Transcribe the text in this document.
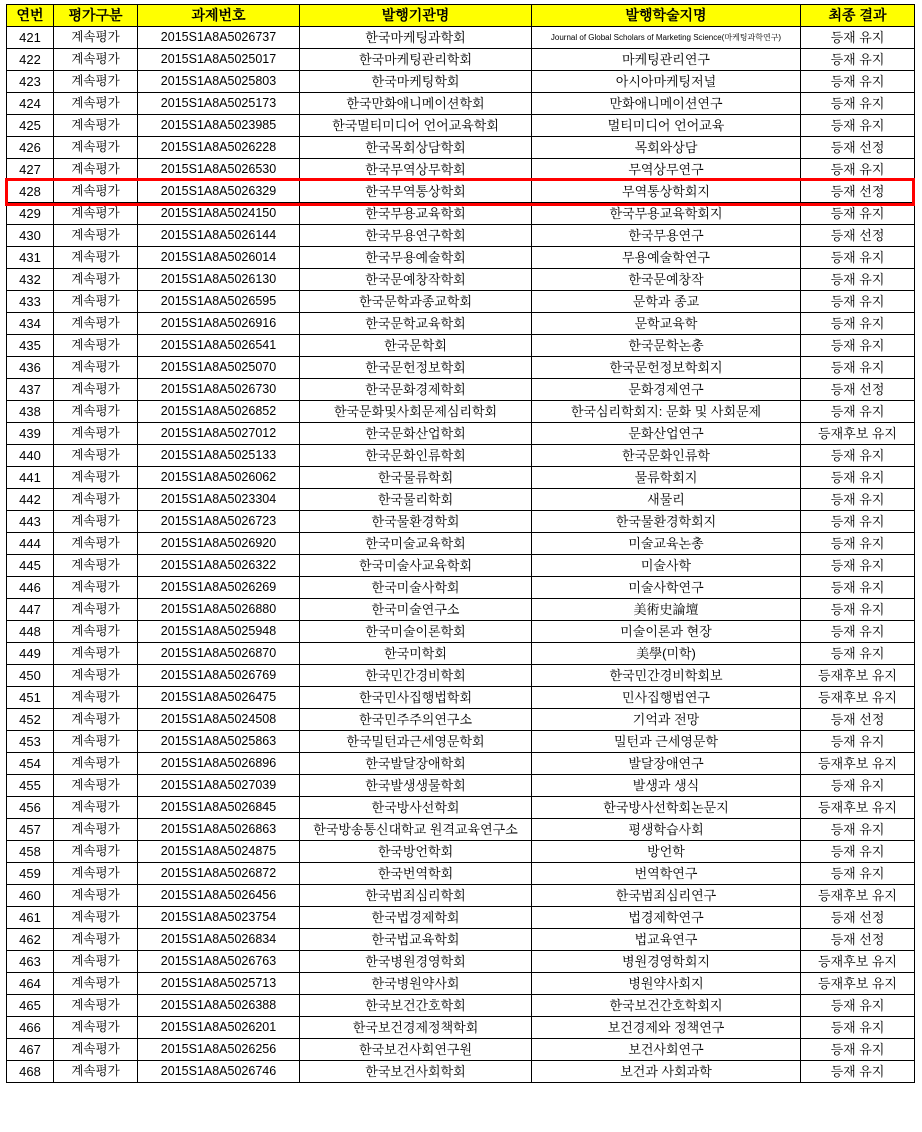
연번	평가구분	과제번호	발행기관명	발행학술지명	최종 결과
421	계속평가	2015S1A8A5026737	한국마케팅과학회	Journal of Global Scholars of Marketing Science(마케팅과학연구)	등재 유지
422	계속평가	2015S1A8A5025017	한국마케팅관리학회	마케팅관리연구	등재 유지
423	계속평가	2015S1A8A5025803	한국마케팅학회	아시아마케팅저널	등재 유지
424	계속평가	2015S1A8A5025173	한국만화애니메이션학회	만화애니메이션연구	등재 유지
425	계속평가	2015S1A8A5023985	한국멀티미디어 언어교육학회	멀티미디어 언어교육	등재 유지
426	계속평가	2015S1A8A5026228	한국목회상담학회	목회와상담	등재 선정
427	계속평가	2015S1A8A5026530	한국무역상무학회	무역상무연구	등재 유지
428	계속평가	2015S1A8A5026329	한국무역통상학회	무역통상학회지	등재 선정
429	계속평가	2015S1A8A5024150	한국무용교육학회	한국무용교육학회지	등재 유지
430	계속평가	2015S1A8A5026144	한국무용연구학회	한국무용연구	등재 선정
431	계속평가	2015S1A8A5026014	한국무용예술학회	무용예술학연구	등재 유지
432	계속평가	2015S1A8A5026130	한국문예창작학회	한국문예창작	등재 유지
433	계속평가	2015S1A8A5026595	한국문학과종교학회	문학과 종교	등재 유지
434	계속평가	2015S1A8A5026916	한국문학교육학회	문학교육학	등재 유지
435	계속평가	2015S1A8A5026541	한국문학회	한국문학논총	등재 유지
436	계속평가	2015S1A8A5025070	한국문헌정보학회	한국문헌정보학회지	등재 유지
437	계속평가	2015S1A8A5026730	한국문화경제학회	문화경제연구	등재 선정
438	계속평가	2015S1A8A5026852	한국문화및사회문제심리학회	한국심리학회지: 문화 및 사회문제	등재 유지
439	계속평가	2015S1A8A5027012	한국문화산업학회	문화산업연구	등재후보 유지
440	계속평가	2015S1A8A5025133	한국문화인류학회	한국문화인류학	등재 유지
441	계속평가	2015S1A8A5026062	한국물류학회	물류학회지	등재 유지
442	계속평가	2015S1A8A5023304	한국물리학회	새물리	등재 유지
443	계속평가	2015S1A8A5026723	한국물환경학회	한국물환경학회지	등재 유지
444	계속평가	2015S1A8A5026920	한국미술교육학회	미술교육논총	등재 유지
445	계속평가	2015S1A8A5026322	한국미술사교육학회	미술사학	등재 유지
446	계속평가	2015S1A8A5026269	한국미술사학회	미술사학연구	등재 유지
447	계속평가	2015S1A8A5026880	한국미술연구소	美術史論壇	등재 유지
448	계속평가	2015S1A8A5025948	한국미술이론학회	미술이론과 현장	등재 유지
449	계속평가	2015S1A8A5026870	한국미학회	美學(미학)	등재 유지
450	계속평가	2015S1A8A5026769	한국민간경비학회	한국민간경비학회보	등재후보 유지
451	계속평가	2015S1A8A5026475	한국민사집행법학회	민사집행법연구	등재후보 유지
452	계속평가	2015S1A8A5024508	한국민주주의연구소	기억과 전망	등재 선정
453	계속평가	2015S1A8A5025863	한국밀턴과근세영문학회	밀턴과 근세영문학	등재 유지
454	계속평가	2015S1A8A5026896	한국발달장애학회	발달장애연구	등재후보 유지
455	계속평가	2015S1A8A5027039	한국발생생물학회	발생과 생식	등재 유지
456	계속평가	2015S1A8A5026845	한국방사선학회	한국방사선학회논문지	등재후보 유지
457	계속평가	2015S1A8A5026863	한국방송통신대학교 원격교육연구소	평생학습사회	등재 유지
458	계속평가	2015S1A8A5024875	한국방언학회	방언학	등재 유지
459	계속평가	2015S1A8A5026872	한국번역학회	번역학연구	등재 유지
460	계속평가	2015S1A8A5026456	한국범죄심리학회	한국범죄심리연구	등재후보 유지
461	계속평가	2015S1A8A5023754	한국법경제학회	법경제학연구	등재 선정
462	계속평가	2015S1A8A5026834	한국법교육학회	법교육연구	등재 선정
463	계속평가	2015S1A8A5026763	한국병원경영학회	병원경영학회지	등재후보 유지
464	계속평가	2015S1A8A5025713	한국병원약사회	병원약사회지	등재후보 유지
465	계속평가	2015S1A8A5026388	한국보건간호학회	한국보건간호학회지	등재 유지
466	계속평가	2015S1A8A5026201	한국보건경제정책학회	보건경제와 정책연구	등재 유지
467	계속평가	2015S1A8A5026256	한국보건사회연구원	보건사회연구	등재 유지
468	계속평가	2015S1A8A5026746	한국보건사회학회	보건과 사회과학	등재 유지
